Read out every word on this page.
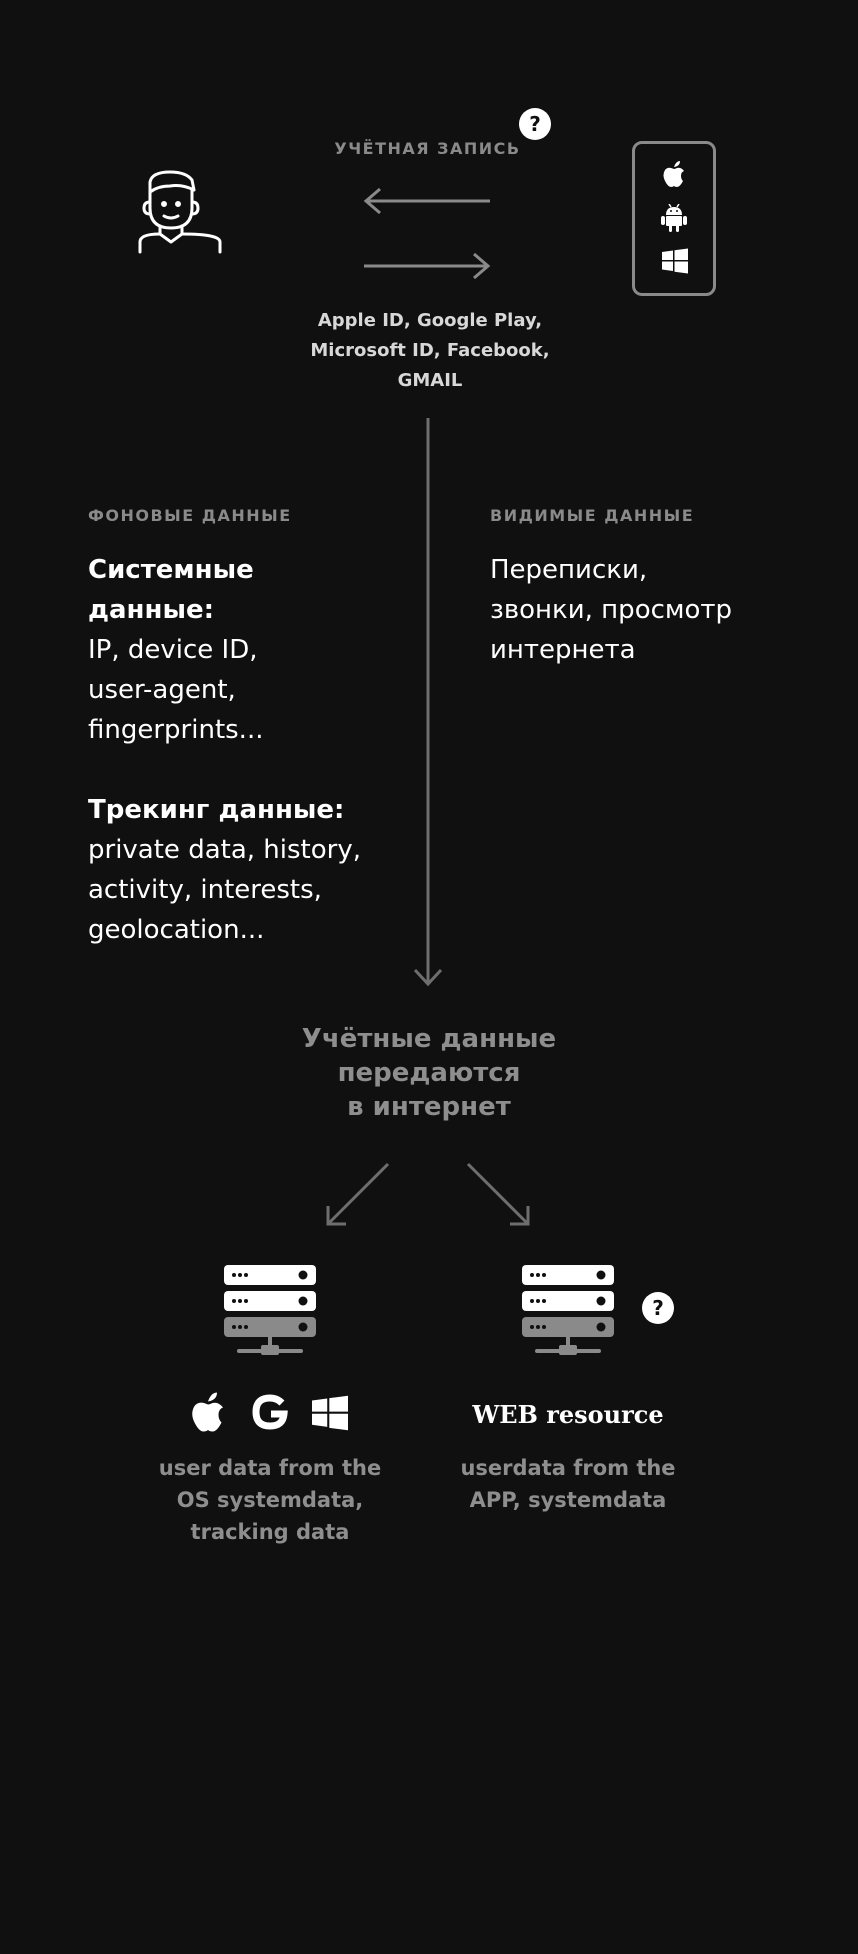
УЧЁТНАЯ ЗАПИСЬ
?
Apple ID, Google Play,
Microsoft ID, Facebook,
GMAIL
ФОНОВЫЕ ДАННЫЕ
Системные данные:
IP, device ID,
user-agent,
fingerprints...
Трекинг данные:
private data, history,
activity, interests,
geolocation...
ВИДИМЫЕ ДАННЫЕ
Переписки,
звонки, просмотр
интернета
Учётные данные
передаются
в интернет
?
WEB resource
user data from the
OS systemdata,
tracking data
userdata from the
APP, systemdata
